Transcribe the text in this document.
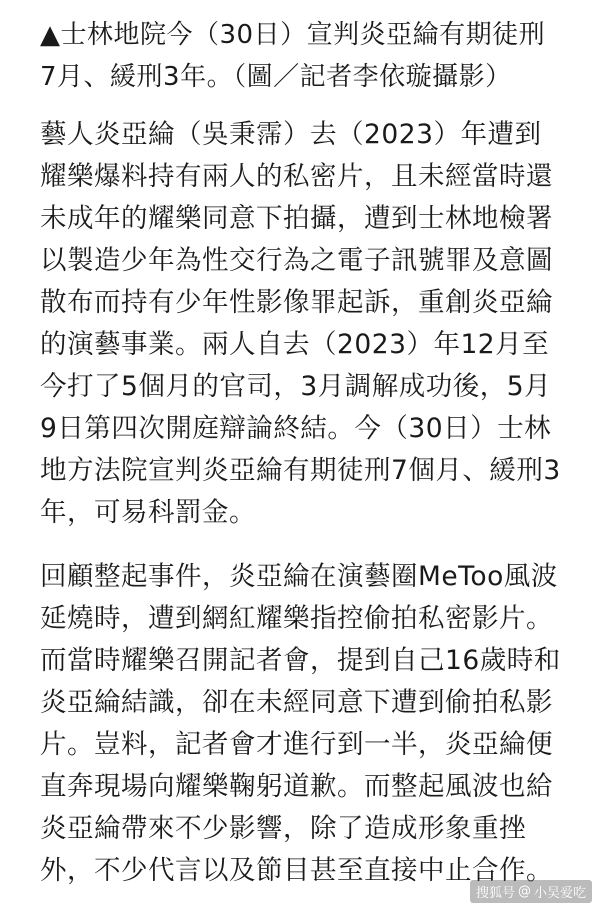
▲士林地院今（30日）宣判炎亞綸有期徒刑
7月、緩刑3年。（圖／記者李依璇攝影）
藝人炎亞綸（吳秉霈）去（2023）年遭到
耀樂爆料持有兩人的私密片，且未經當時還
未成年的耀樂同意下拍攝，遭到士林地檢署
以製造少年為性交行為之電子訊號罪及意圖
散布而持有少年性影像罪起訴，重創炎亞綸
的演藝事業。兩人自去（2023）年12月至
今打了5個月的官司，3月調解成功後，5月
9日第四次開庭辯論終結。今（30日）士林
地方法院宣判炎亞綸有期徒刑7個月、緩刑3
年，可易科罰金。
回顧整起事件，炎亞綸在演藝圈MeToo風波
延燒時，遭到網紅耀樂指控偷拍私密影片。
而當時耀樂召開記者會，提到自己16歲時和
炎亞綸結識，卻在未經同意下遭到偷拍私影
片。豈料，記者會才進行到一半，炎亞綸便
直奔現場向耀樂鞠躬道歉。而整起風波也給
炎亞綸帶來不少影響，除了造成形象重挫
外，不少代言以及節目甚至直接中止合作。
搜狐号 @ 小吴爱吃
